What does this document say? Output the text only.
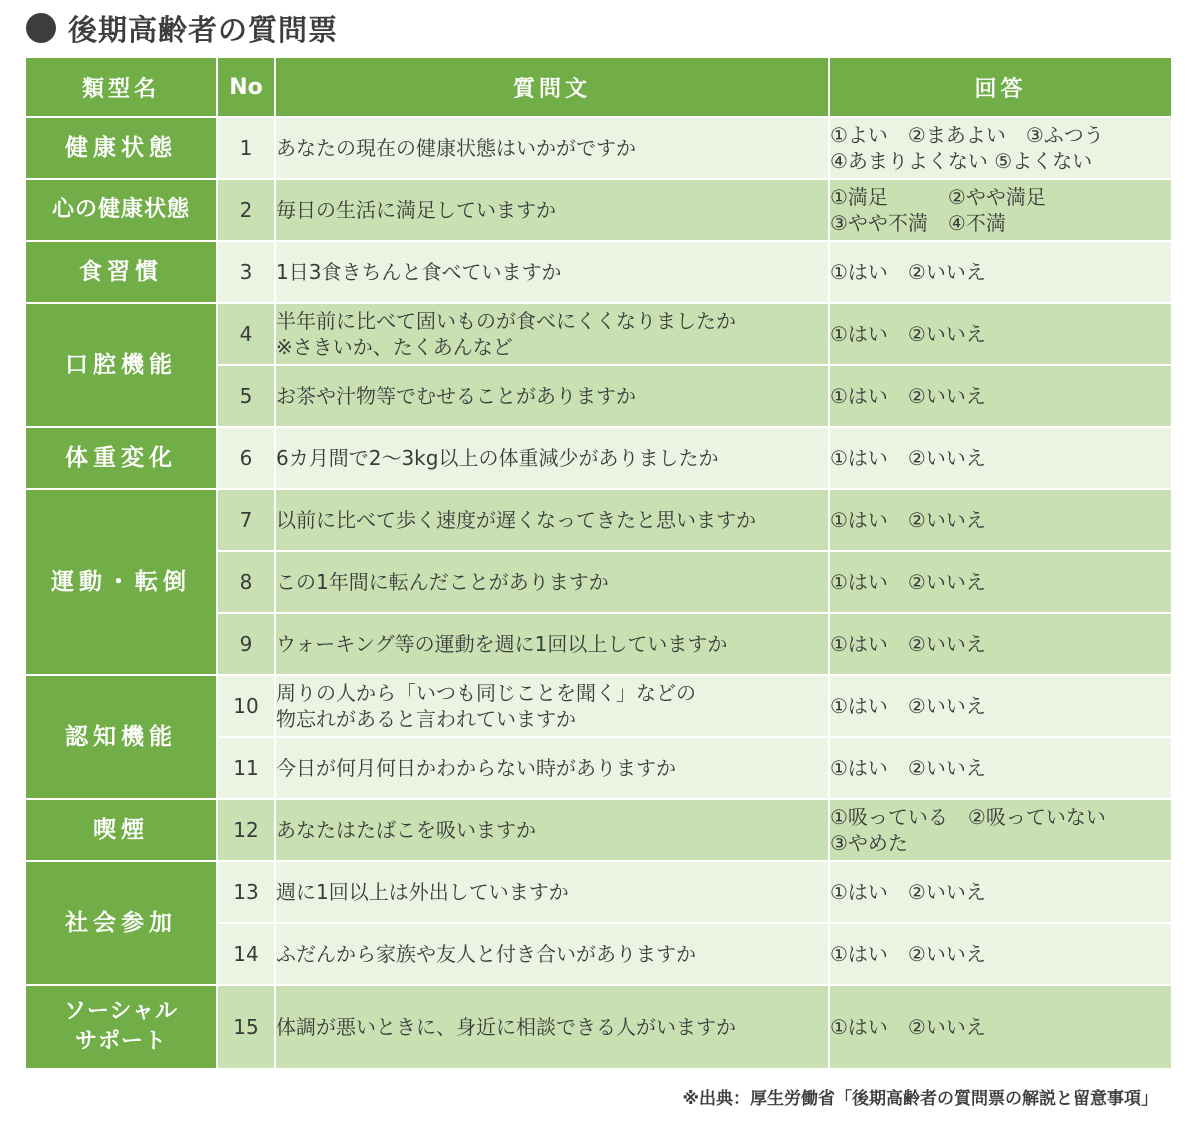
後期高齢者の質問票
類型名	No	質問文	回答
健康状態	1	あなたの現在の健康状態はいかがですか	①よい　②まあよい　③ふつう
④あまりよくない ⑤よくない

心の健康状態	2	毎日の生活に満足していますか	①満足　　　②やや満足
③やや不満　④不満

食習慣	3	1日3食きちんと食べていますか	①はい　②いいえ

口腔機能	4	半年前に比べて固いものが食べにくくなりましたか
※さきいか、たくあんなど	①はい　②いいえ

	5	お茶や汁物等でむせることがありますか	①はい　②いいえ

体重変化	6	6カ月間で2〜3kg以上の体重減少がありましたか	①はい　②いいえ

運動・転倒	7	以前に比べて歩く速度が遅くなってきたと思いますか	①はい　②いいえ

	8	この1年間に転んだことがありますか	①はい　②いいえ

	9	ウォーキング等の運動を週に1回以上していますか	①はい　②いいえ

認知機能	10	周りの人から「いつも同じことを聞く」などの
物忘れがあると言われていますか	①はい　②いいえ

	11	今日が何月何日かわからない時がありますか	①はい　②いいえ

喫煙	12	あなたはたばこを吸いますか	①吸っている　②吸っていない
③やめた

社会参加	13	週に1回以上は外出していますか	①はい　②いいえ

	14	ふだんから家族や友人と付き合いがありますか	①はい　②いいえ

ソーシャル
サポート	15	体調が悪いときに、身近に相談できる人がいますか	①はい　②いいえ
※出典：厚生労働省「後期高齢者の質問票の解説と留意事項」
